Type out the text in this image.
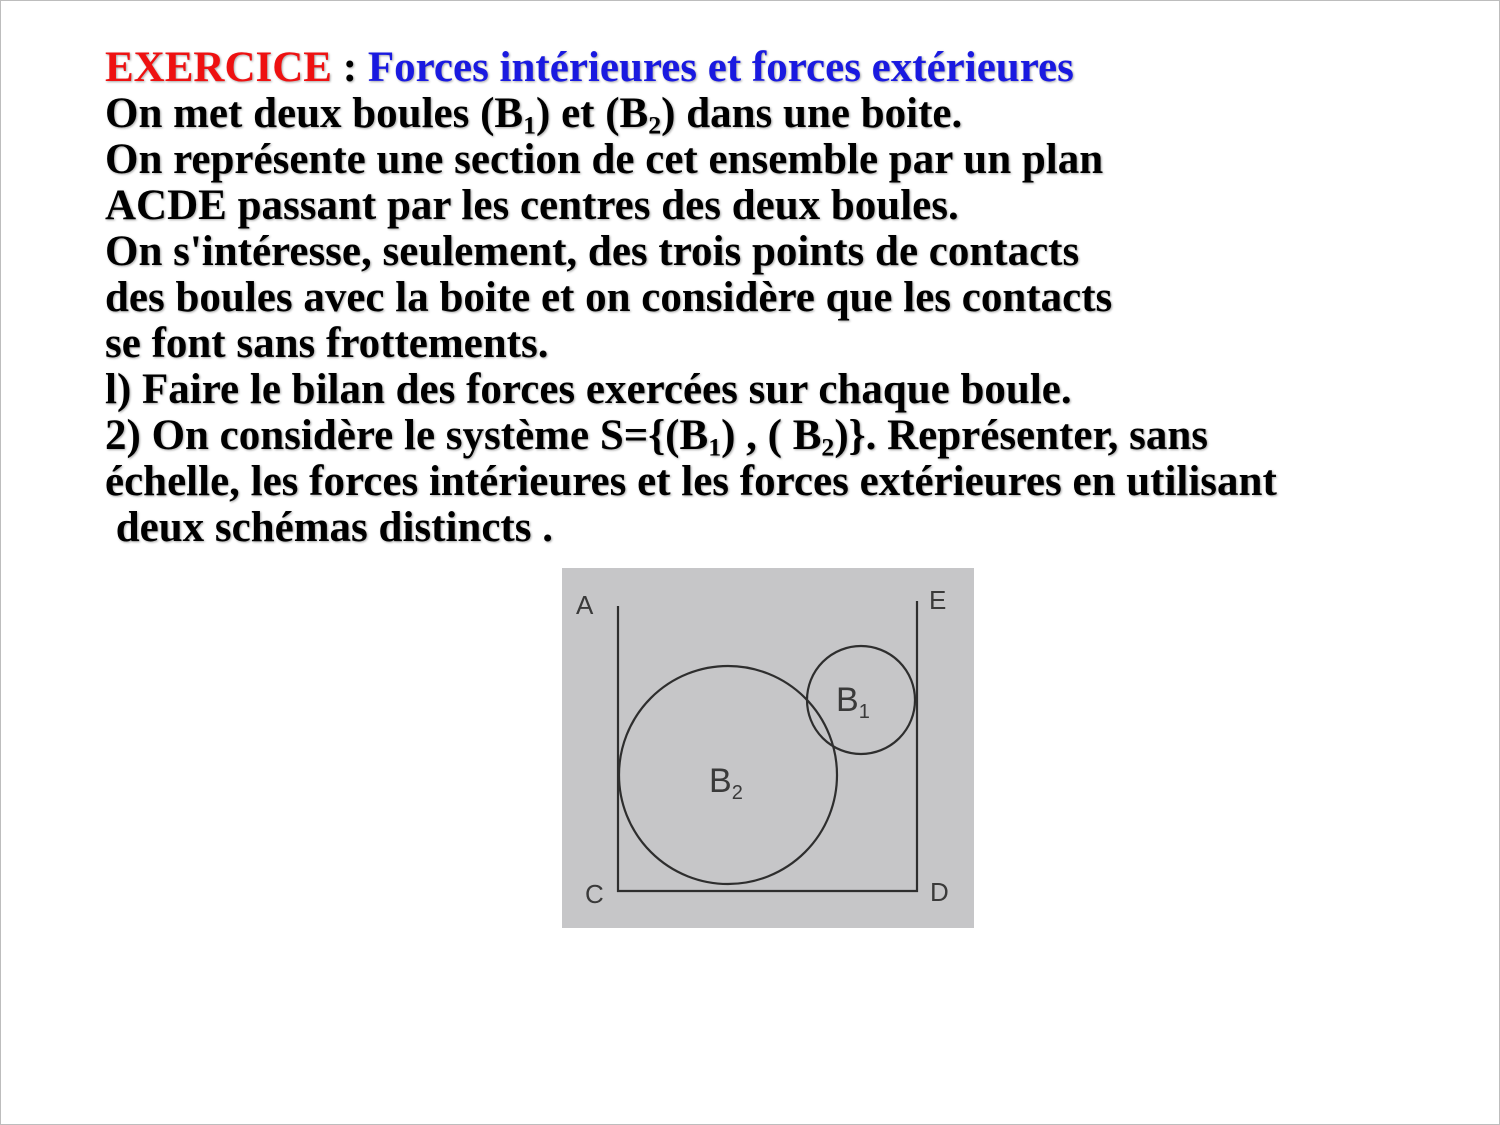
EXERCICE : Forces intérieures et forces extérieures
On met deux boules $(B_1)$ et $(B_2)$ dans une boite.
On représente une section de cet ensemble par un plan
ACDE passant par les centres des deux boules.
On s'intéresse, seulement, des trois points de contacts
des boules avec la boite et on considère que les contacts
se font sans frottements.
l) Faire le bilan des forces exercées sur chaque boule.
2) On considère le système $S=\{(B_1)$ , ( $B_2$)}. Représenter, sans
échelle, les forces intérieures et les forces extérieures en utilisant
deux schémas distincts .
A	E
C	D
$B_1$
$B_2$
